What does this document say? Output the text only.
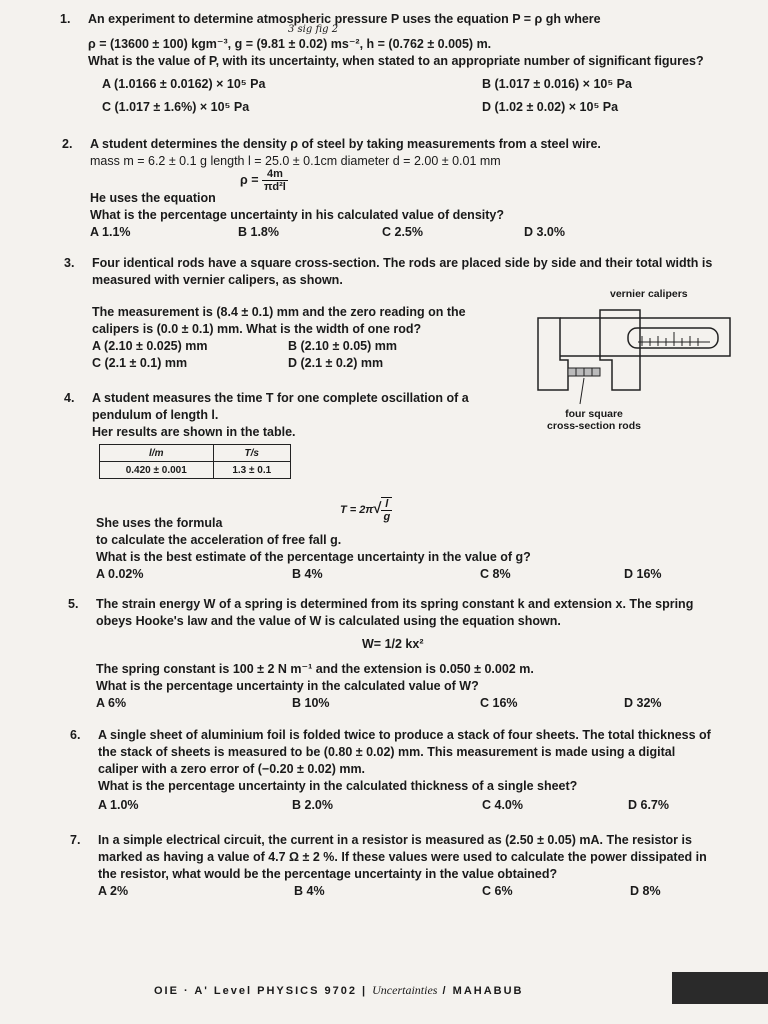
1. An experiment to determine atmospheric pressure P uses the equation P = ρ gh where
ρ = (13600 ± 100) kgm⁻³, g = (9.81 ± 0.02) ms⁻², h = (0.762 ± 0.005) m.
What is the value of P, with its uncertainty, when stated to an appropriate number of significant figures?
A (1.0166 ± 0.0162) × 10⁵ Pa	B (1.017 ± 0.016) × 10⁵ Pa
C (1.017 ± 1.6%) × 10⁵ Pa	D (1.02 ± 0.02) × 10⁵ Pa
3 sig fig 2
2. A student determines the density ρ of steel by taking measurements from a steel wire.
mass m = 6.2 ± 0.1 g length l = 25.0 ± 0.1cm diameter d = 2.00 ± 0.01 mm
He uses the equation
What is the percentage uncertainty in his calculated value of density?
A 1.1%	B 1.8%	C 2.5%	D 3.0%
$\rho = \frac{4m}{\text{πd²l}}$
3. Four identical rods have a square cross-section. The rods are placed side by side and their total width is
measured with vernier calipers, as shown.
The measurement is (8.4 ± 0.1) mm and the zero reading on the
calipers is (0.0 ± 0.1) mm. What is the width of one rod?
A (2.10 ± 0.025) mm	B (2.10 ± 0.05) mm
C (2.1 ± 0.1) mm	D (2.1 ± 0.2) mm
vernier calipers
four square
cross-section rods
4. A student measures the time T for one complete oscillation of a
pendulum of length l.
Her results are shown in the table.
l/m	T/s
0.420 ± 0.001	1.3 ± 0.1
$T = 2\pi√ \frac{l}{g}$
She uses the formula
to calculate the acceleration of free fall g.
What is the best estimate of the percentage uncertainty in the value of g?
A 0.02%	B 4%	C 8%	D 16%
5. The strain energy W of a spring is determined from its spring constant k and extension x. The spring
obeys Hooke's law and the value of W is calculated using the equation shown.
W= 1/2 kx²
The spring constant is 100 ± 2 N m⁻¹ and the extension is 0.050 ± 0.002 m.
What is the percentage uncertainty in the calculated value of W?
A 6%	B 10%	C 16%	D 32%
6. A single sheet of aluminium foil is folded twice to produce a stack of four sheets. The total thickness of
the stack of sheets is measured to be (0.80 ± 0.02) mm. This measurement is made using a digital
caliper with a zero error of (−0.20 ± 0.02) mm.
What is the percentage uncertainty in the calculated thickness of a single sheet?
A 1.0%	B 2.0%	C 4.0%	D 6.7%
7. In a simple electrical circuit, the current in a resistor is measured as (2.50 ± 0.05) mA. The resistor is
marked as having a value of 4.7 Ω ± 2 %. If these values were used to calculate the power dissipated in
the resistor, what would be the percentage uncertainty in the value obtained?
A 2%	B 4%	C 6%	D 8%
OIE · A' Level PHYSICS 9702 | Uncertainties / MAHABUB
